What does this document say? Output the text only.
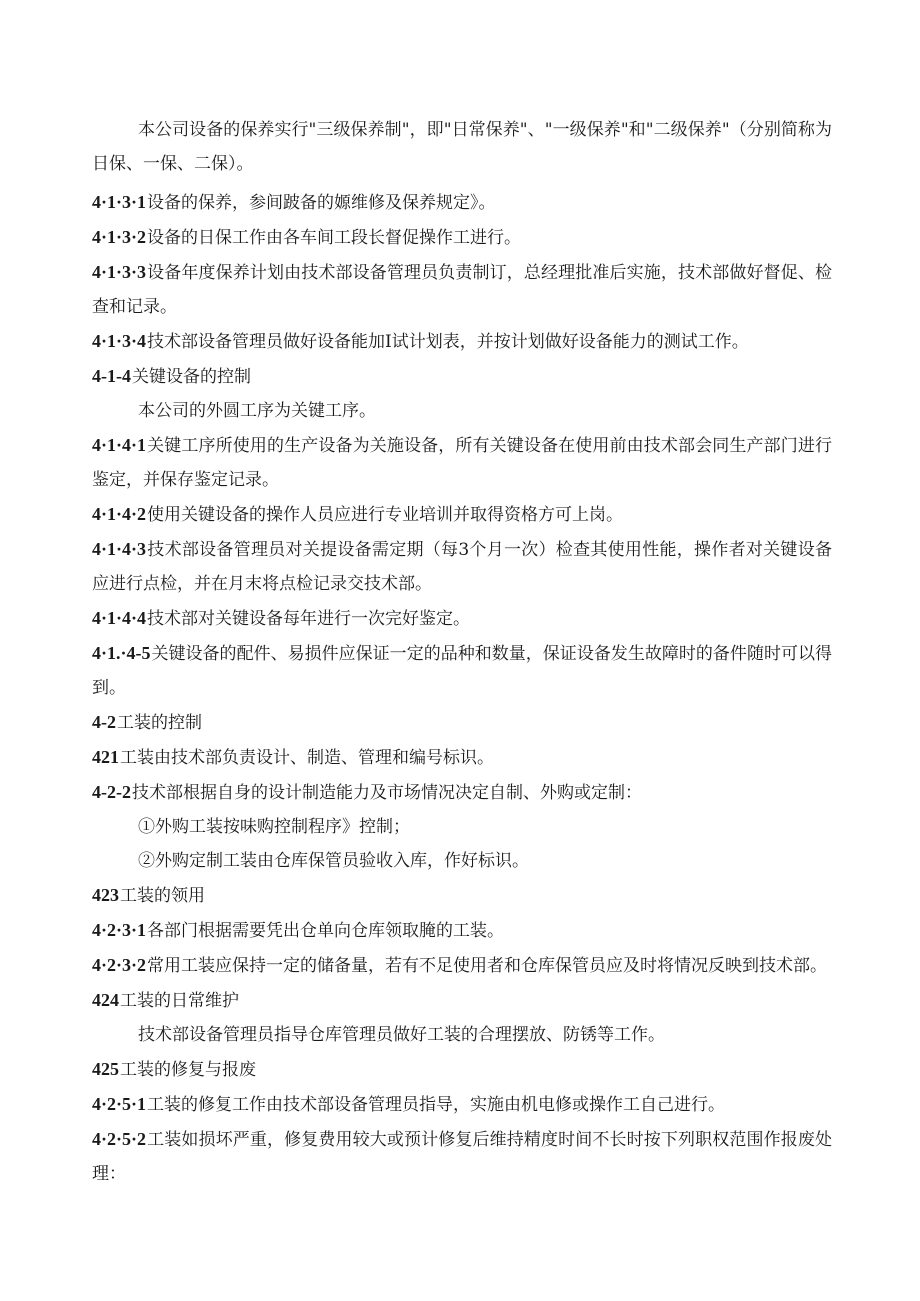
本公司设备的保养实行"三级保养制"，即"日常保养"、"一级保养"和"二级保养"（分别简称为日保、一保、二保）。

4·1·3·1设备的保养，参间跛备的嫄维修及保养规定》。

4·1·3·2设备的日保工作由各车间工段长督促操作工进行。

4·1·3·3设备年度保养计划由技术部设备管理员负责制订，总经理批准后实施，技术部做好督促、检查和记录。

4·1·3·4技术部设备管理员做好设备能加Ⅰ试计划表，并按计划做好设备能力的测试工作。

4-1-4关键设备的控制

本公司的外圆工序为关键工序。

4·1·4·1关键工序所使用的生产设备为关施设备，所有关键设备在使用前由技术部会同生产部门进行鉴定，并保存鉴定记录。

4·1·4·2使用关键设备的操作人员应进行专业培训并取得资格方可上岗。

4·1·4·3技术部设备管理员对关提设备需定期（每3个月一次）检查其使用性能，操作者对关键设备应进行点检，并在月末将点检记录交技术部。

4·1·4·4技术部对关键设备每年进行一次完好鉴定。

4·1.·4-5关键设备的配件、易损件应保证一定的品种和数量，保证设备发生故障时的备件随时可以得到。

4-2工装的控制

421工装由技术部负责设计、制造、管理和编号标识。

4-2-2技术部根据自身的设计制造能力及市场情况决定自制、外购或定制：

①外购工装按味购控制程序》控制；

②外购定制工装由仓库保管员验收入库，作好标识。

423工装的领用

4·2·3·1各部门根据需要凭出仓单向仓库领取腌的工装。

4·2·3·2常用工装应保持一定的储备量，若有不足使用者和仓库保管员应及时将情况反映到技术部。

424工装的日常维护

技术部设备管理员指导仓库管理员做好工装的合理摆放、防锈等工作。

425工装的修复与报废

4·2·5·1工装的修复工作由技术部设备管理员指导，实施由机电修或操作工自己进行。

4·2·5·2工装如损坏严重，修复费用较大或预计修复后维持精度时间不长时按下列职权范围作报废处理：
